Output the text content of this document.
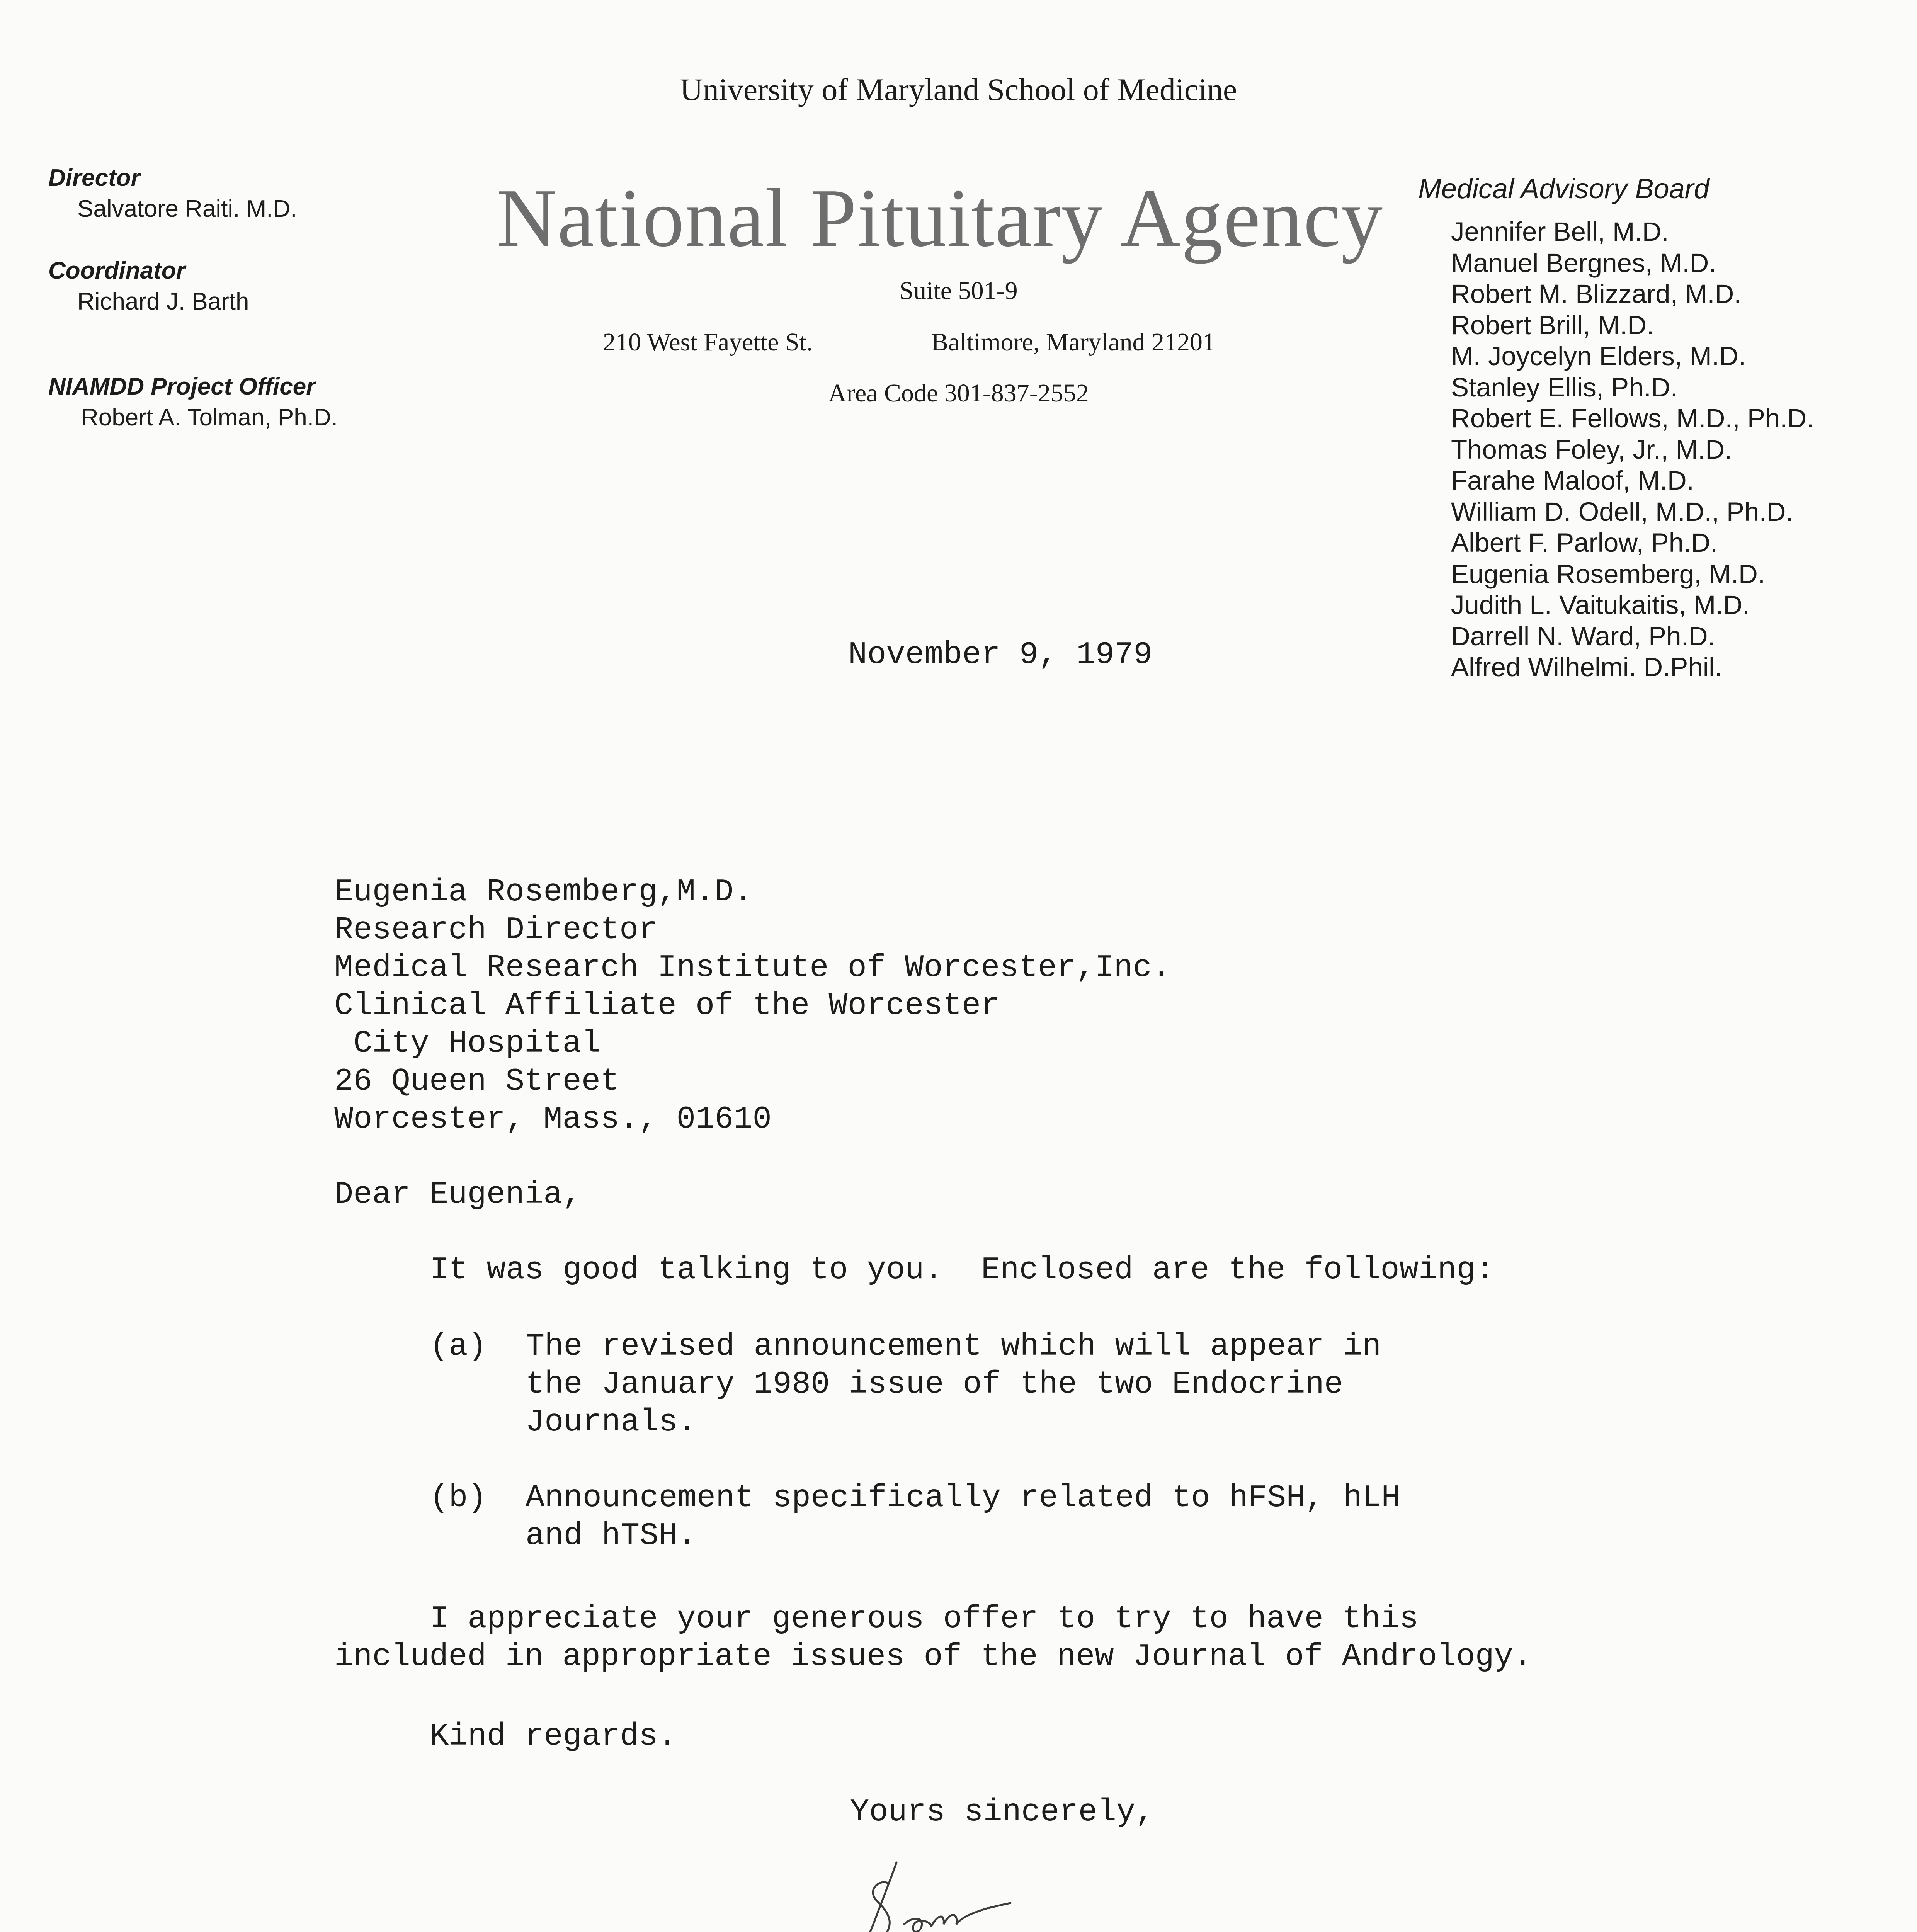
University of Maryland School of Medicine
National Pituitary Agency
Suite 501-9
210 West Fayette St.	Baltimore, Maryland 21201
Area Code 301-837-2552
Director
Salvatore Raiti. M.D.
Coordinator
Richard J. Barth
NIAMDD Project Officer
Robert A. Tolman, Ph.D.
Medical Advisory Board
Jennifer Bell, M.D.
Manuel Bergnes, M.D.
Robert M. Blizzard, M.D.
Robert Brill, M.D.
M. Joycelyn Elders, M.D.
Stanley Ellis, Ph.D.
Robert E. Fellows, M.D., Ph.D.
Thomas Foley, Jr., M.D.
Farahe Maloof, M.D.
William D. Odell, M.D., Ph.D.
Albert F. Parlow, Ph.D.
Eugenia Rosemberg, M.D.
Judith L. Vaitukaitis, M.D.
Darrell N. Ward, Ph.D.
Alfred Wilhelmi. D.Phil.
November 9, 1979
Eugenia Rosemberg,M.D.
Research Director
Medical Research Institute of Worcester,Inc.
Clinical Affiliate of the Worcester
City Hospital
26 Queen Street
Worcester, Mass., 01610
Dear Eugenia,
It was good talking to you.  Enclosed are the following:
(a) The revised announcement which will appear in
the January 1980 issue of the two Endocrine
Journals.
(b) Announcement specifically related to hFSH, hLH
and hTSH.
I appreciate your generous offer to try to have this
included in appropriate issues of the new Journal of Andrology.
Kind regards.
Yours sincerely,
